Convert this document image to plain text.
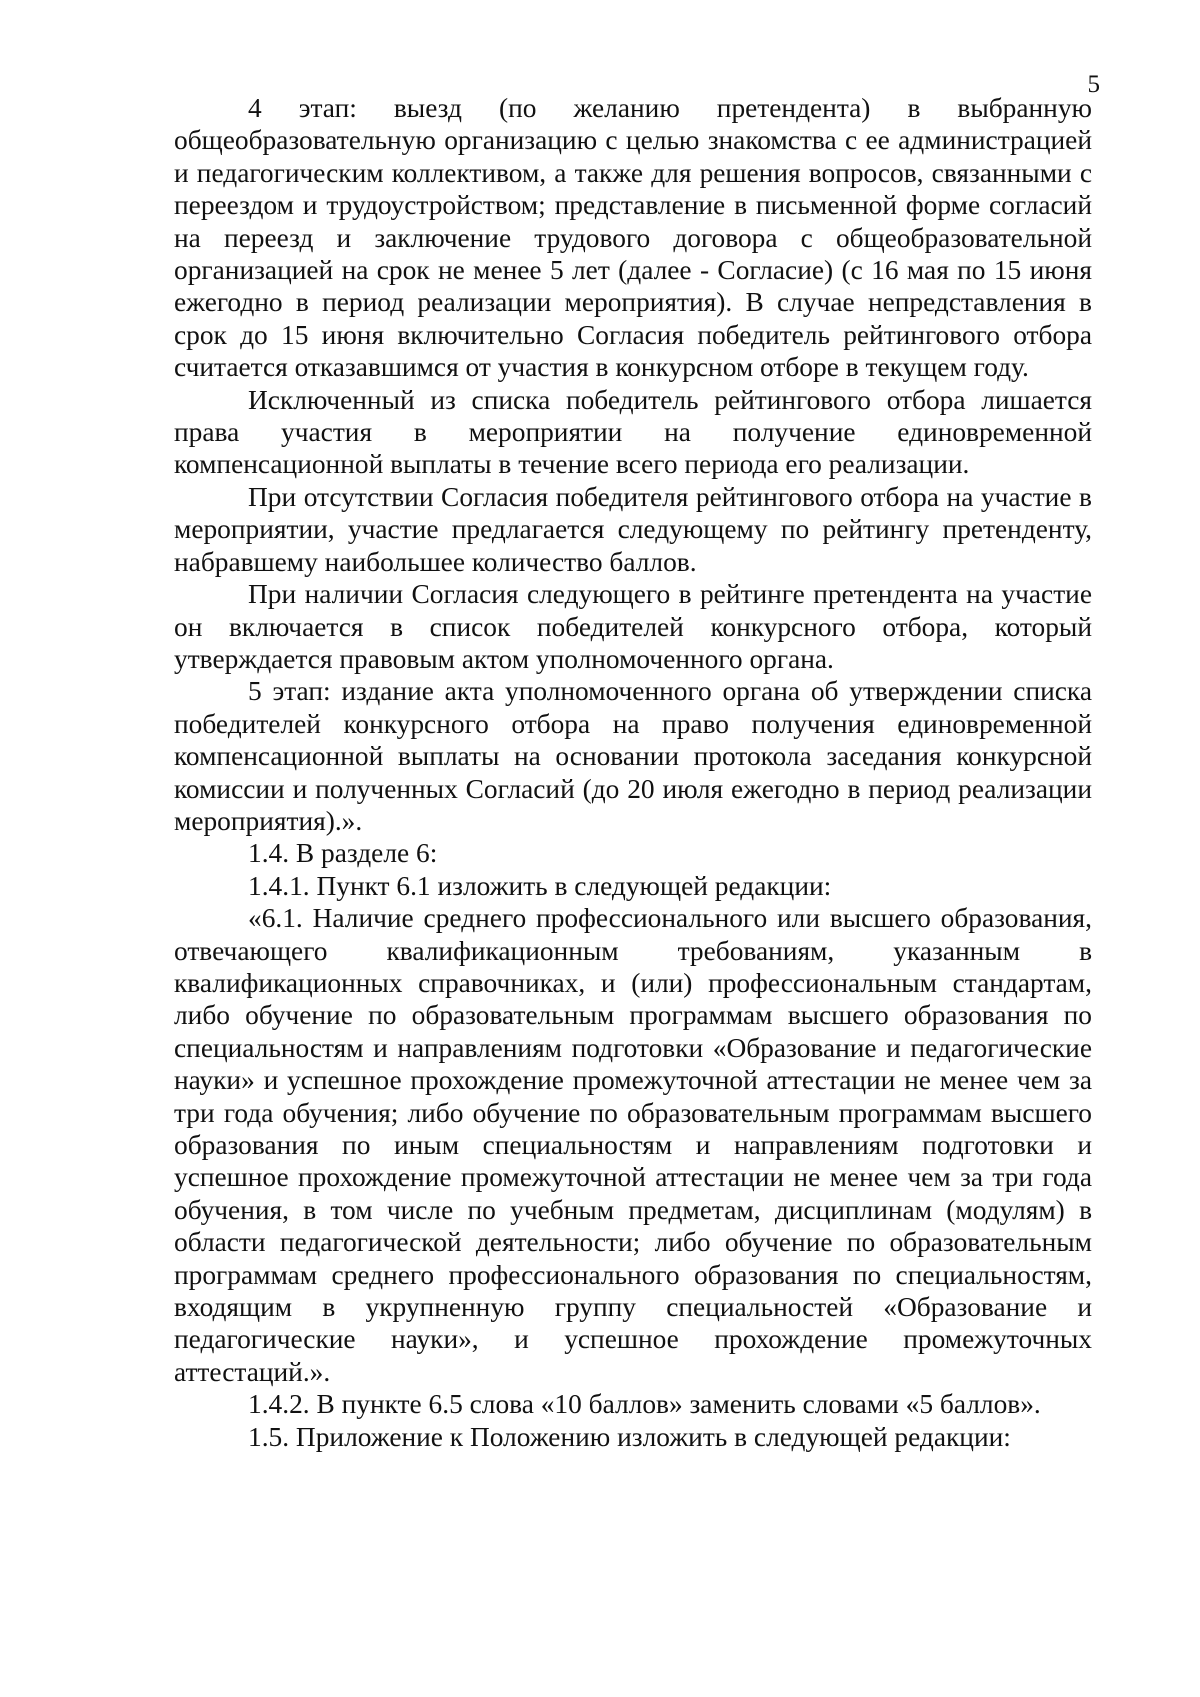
5

4 этап: выезд (по желанию претендента) в выбранную общеобразовательную организацию с целью знакомства с ее администрацией и педагогическим коллективом, а также для решения вопросов, связанными с переездом и трудоустройством; представление в письменной форме согласий на переезд и заключение трудового договора с общеобразовательной организацией на срок не менее 5 лет (далее - Согласие) (с 16 мая по 15 июня ежегодно в период реализации мероприятия). В случае непредставления в срок до 15 июня включительно Согласия победитель рейтингового отбора считается отказавшимся от участия в конкурсном отборе в текущем году.

Исключенный из списка победитель рейтингового отбора лишается права участия в мероприятии на получение единовременной компенсационной выплаты в течение всего периода его реализации.

При отсутствии Согласия победителя рейтингового отбора на участие в мероприятии, участие предлагается следующему по рейтингу претенденту, набравшему наибольшее количество баллов.

При наличии Согласия следующего в рейтинге претендента на участие он включается в список победителей конкурсного отбора, который утверждается правовым актом уполномоченного органа.

5 этап: издание акта уполномоченного органа об утверждении списка победителей конкурсного отбора на право получения единовременной компенсационной выплаты на основании протокола заседания конкурсной комиссии и полученных Согласий (до 20 июля ежегодно в период реализации мероприятия).».

1.4. В разделе 6:

1.4.1. Пункт 6.1 изложить в следующей редакции:

«6.1. Наличие среднего профессионального или высшего образования, отвечающего квалификационным требованиям, указанным в квалификационных справочниках, и (или) профессиональным стандартам, либо обучение по образовательным программам высшего образования по специальностям и направлениям подготовки «Образование и педагогические науки» и успешное прохождение промежуточной аттестации не менее чем за три года обучения; либо обучение по образовательным программам высшего образования по иным специальностям и направлениям подготовки и успешное прохождение промежуточной аттестации не менее чем за три года обучения, в том числе по учебным предметам, дисциплинам (модулям) в области педагогической деятельности; либо обучение по образовательным программам среднего профессионального образования по специальностям, входящим в укрупненную группу специальностей «Образование и педагогические науки», и успешное прохождение промежуточных аттестаций.».

1.4.2. В пункте 6.5 слова «10 баллов» заменить словами «5 баллов».

1.5. Приложение к Положению изложить в следующей редакции:
